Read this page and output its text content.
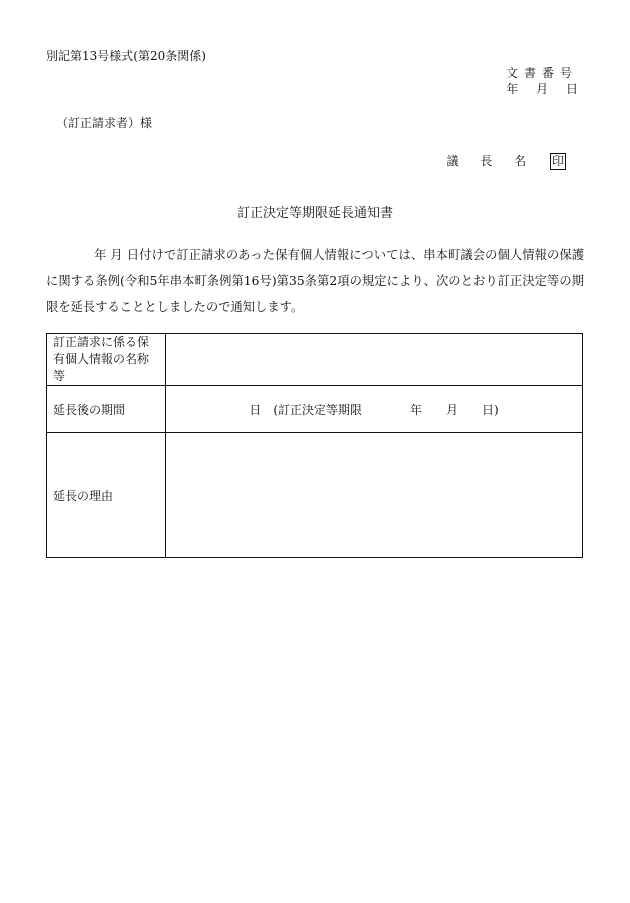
別記第13号様式(第20条関係)
文書番号
年 月 日
（訂正請求者）様
議 長 名 印
訂正決定等期限延長通知書
年 月 日付けで訂正請求のあった保有個人情報については、串本町議会の個人情報の保護に関する条例(令和5年串本町条例第16号)第35条第2項の規定により、次のとおり訂正決定等の期限を延長することとしましたので通知します。
訂正請求に係る保有個人情報の名称等	
延長後の期間	日　(訂正決定等期限　　　　年　　月　　日)
延長の理由	
